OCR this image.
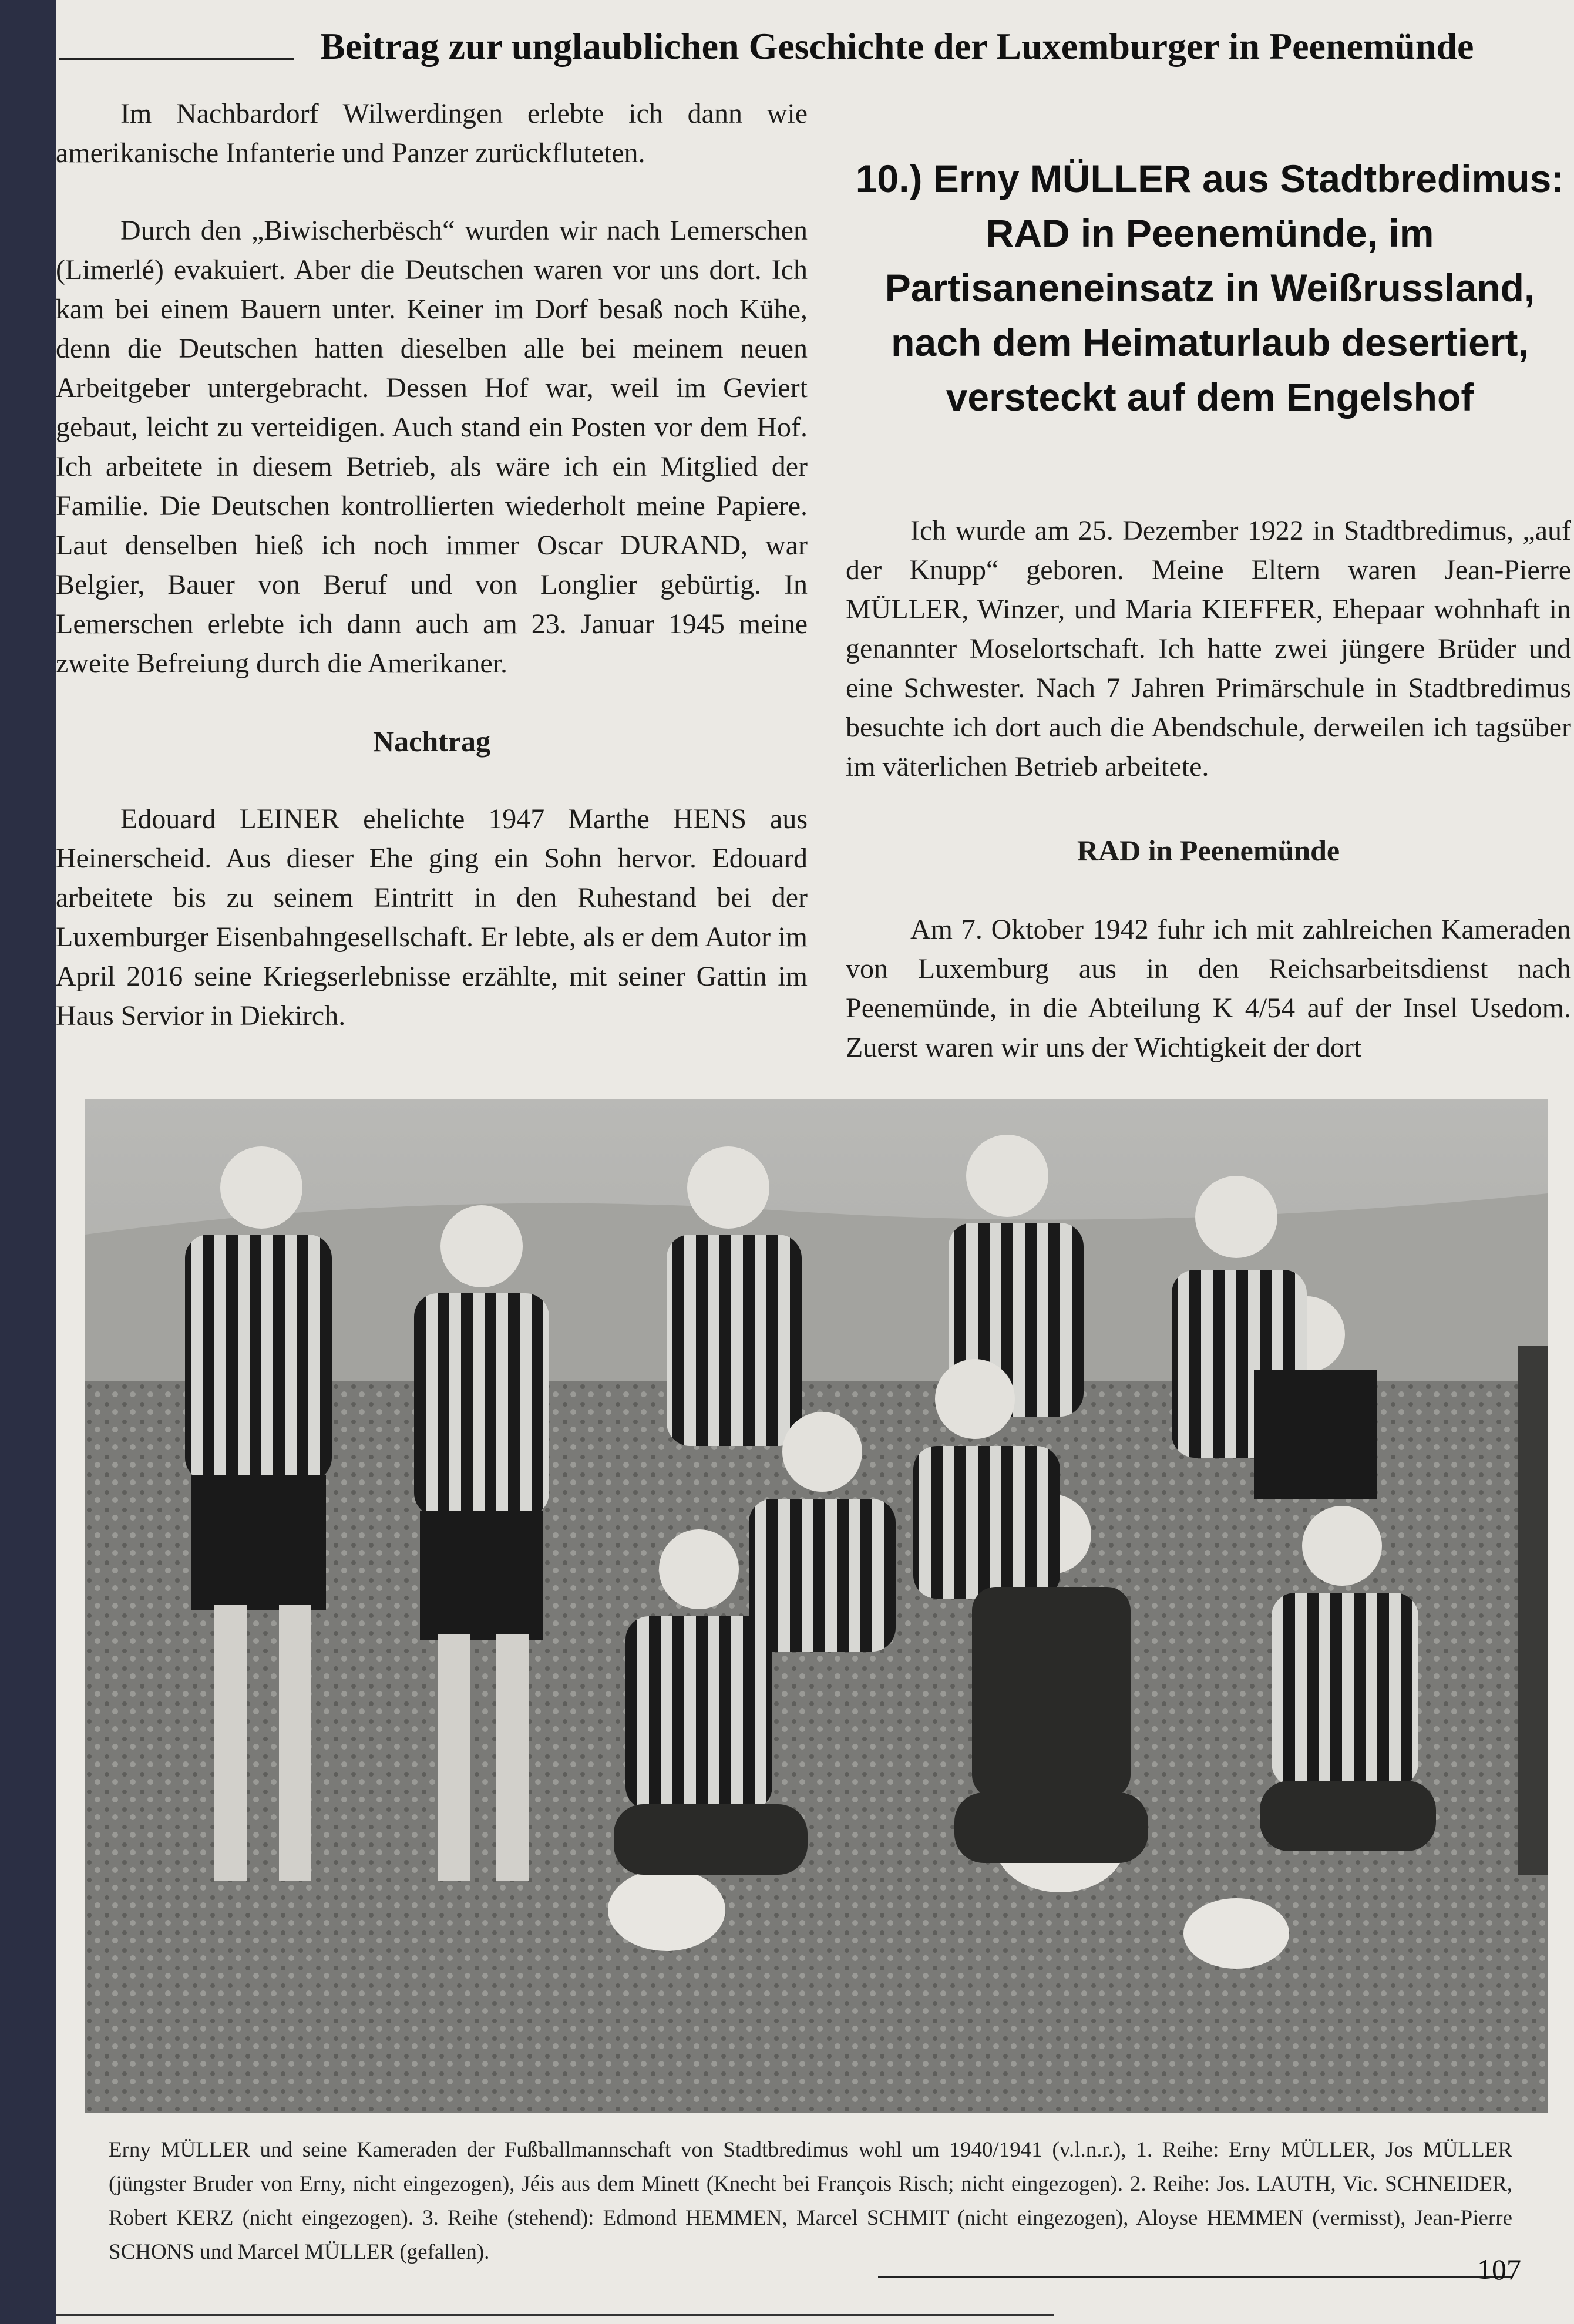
Beitrag zur unglaublichen Geschichte der Luxemburger in Peenemünde

Im Nachbardorf Wilwerdingen erlebte ich dann wie amerikanische Infanterie und Panzer zurückfluteten.

Durch den „Biwischerbësch“ wurden wir nach Lemerschen (Limerlé) evakuiert. Aber die Deutschen waren vor uns dort. Ich kam bei einem Bauern unter. Keiner im Dorf besaß noch Kühe, denn die Deutschen hatten dieselben alle bei meinem neuen Arbeitgeber untergebracht. Dessen Hof war, weil im Geviert gebaut, leicht zu verteidigen. Auch stand ein Posten vor dem Hof. Ich arbeitete in diesem Betrieb, als wäre ich ein Mitglied der Familie. Die Deutschen kontrollierten wiederholt meine Papiere. Laut denselben hieß ich noch immer Oscar DURAND, war Belgier, Bauer von Beruf und von Longlier gebürtig. In Lemerschen erlebte ich dann auch am 23. Januar 1945 meine zweite Befreiung durch die Amerikaner.

Nachtrag

Edouard LEINER ehelichte 1947 Marthe HENS aus Heinerscheid. Aus dieser Ehe ging ein Sohn hervor. Edouard arbeitete bis zu seinem Eintritt in den Ruhestand bei der Luxemburger Eisenbahngesellschaft. Er lebte, als er dem Autor im April 2016 seine Kriegserlebnisse erzählte, mit seiner Gattin im Haus Servior in Diekirch.

10.) Erny MÜLLER aus Stadtbredimus: RAD in Peenemünde, im Partisaneneinsatz in Weißrussland, nach dem Heimaturlaub desertiert, versteckt auf dem Engelshof

Ich wurde am 25. Dezember 1922 in Stadtbredimus, „auf der Knupp“ geboren. Meine Eltern waren Jean-Pierre MÜLLER, Winzer, und Maria KIEFFER, Ehepaar wohnhaft in genannter Moselortschaft. Ich hatte zwei jüngere Brüder und eine Schwester. Nach 7 Jahren Primärschule in Stadtbredimus besuchte ich dort auch die Abendschule, derweilen ich tagsüber im väterlichen Betrieb arbeitete.

RAD in Peenemünde

Am 7. Oktober 1942 fuhr ich mit zahlreichen Kameraden von Luxemburg aus in den Reichsarbeitsdienst nach Peenemünde, in die Abteilung K 4/54 auf der Insel Usedom. Zuerst waren wir uns der Wichtigkeit der dort

Erny MÜLLER und seine Kameraden der Fußballmannschaft von Stadtbredimus wohl um 1940/1941 (v.l.n.r.), 1. Reihe: Erny MÜLLER, Jos MÜLLER (jüngster Bruder von Erny, nicht eingezogen), Jéis aus dem Minett (Knecht bei François Risch; nicht eingezogen). 2. Reihe: Jos. LAUTH, Vic. SCHNEIDER, Robert KERZ (nicht eingezogen). 3. Reihe (stehend): Edmond HEMMEN, Marcel SCHMIT (nicht eingezogen), Aloyse HEMMEN (vermisst), Jean-Pierre SCHONS und Marcel MÜLLER (gefallen).
107
